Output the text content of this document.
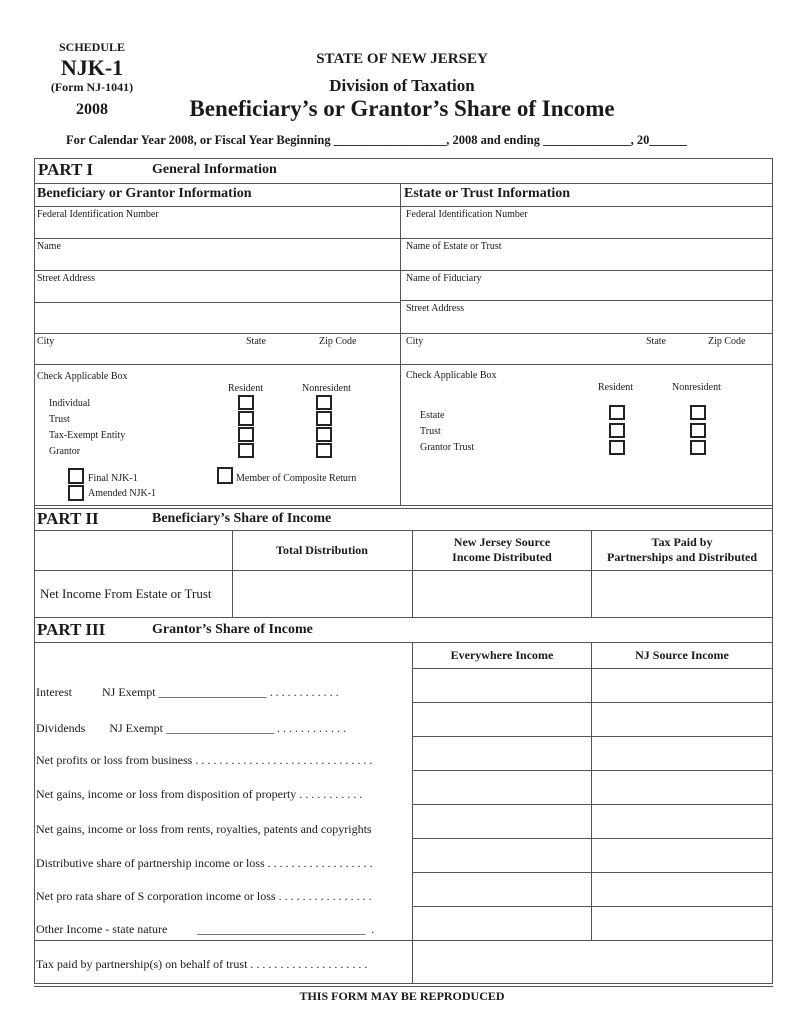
SCHEDULE
NJK-1
(Form NJ-1041)
2008
STATE OF NEW JERSEY
Division of Taxation
Beneficiary’s or Grantor’s Share of Income
For Calendar Year 2008, or Fiscal Year Beginning __________________, 2008 and ending ______________, 20______
PART I	General Information
Beneficiary or Grantor Information	Estate or Trust Information
Federal Identification Number
Name
Street Address
City	State	Zip Code
Federal Identification Number
Name of Estate or Trust
Name of Fiduciary
Street Address
City	State	Zip Code
Check Applicable Box
Resident	Nonresident
Individual
Trust
Tax-Exempt Entity
Grantor
Final NJK-1
Amended NJK-1
Member of Composite Return
Check Applicable Box
Resident	Nonresident
Estate
Trust
Grantor Trust
PART II	Beneficiary’s Share of Income
Total Distribution
New Jersey Source
Income Distributed
Tax Paid by
Partnerships and Distributed
Net Income From Estate or Trust
PART III	Grantor’s Share of Income
Everywhere Income	NJ Source Income
Interest          NJ Exempt __________________ . . . . . . . . . . . .
Dividends        NJ Exempt __________________ . . . . . . . . . . . .
Net profits or loss from business . . . . . . . . . . . . . . . . . . . . . . . . . . . . . .
Net gains, income or loss from disposition of property . . . . . . . . . . .
Net gains, income or loss from rents, royalties, patents and copyrights
Distributive share of partnership income or loss . . . . . . . . . . . . . . . . . .
Net pro rata share of S corporation income or loss . . . . . . . . . . . . . . . .
Other Income - state nature          ____________________________  .
Tax paid by partnership(s) on behalf of trust . . . . . . . . . . . . . . . . . . . .
THIS FORM MAY BE REPRODUCED
